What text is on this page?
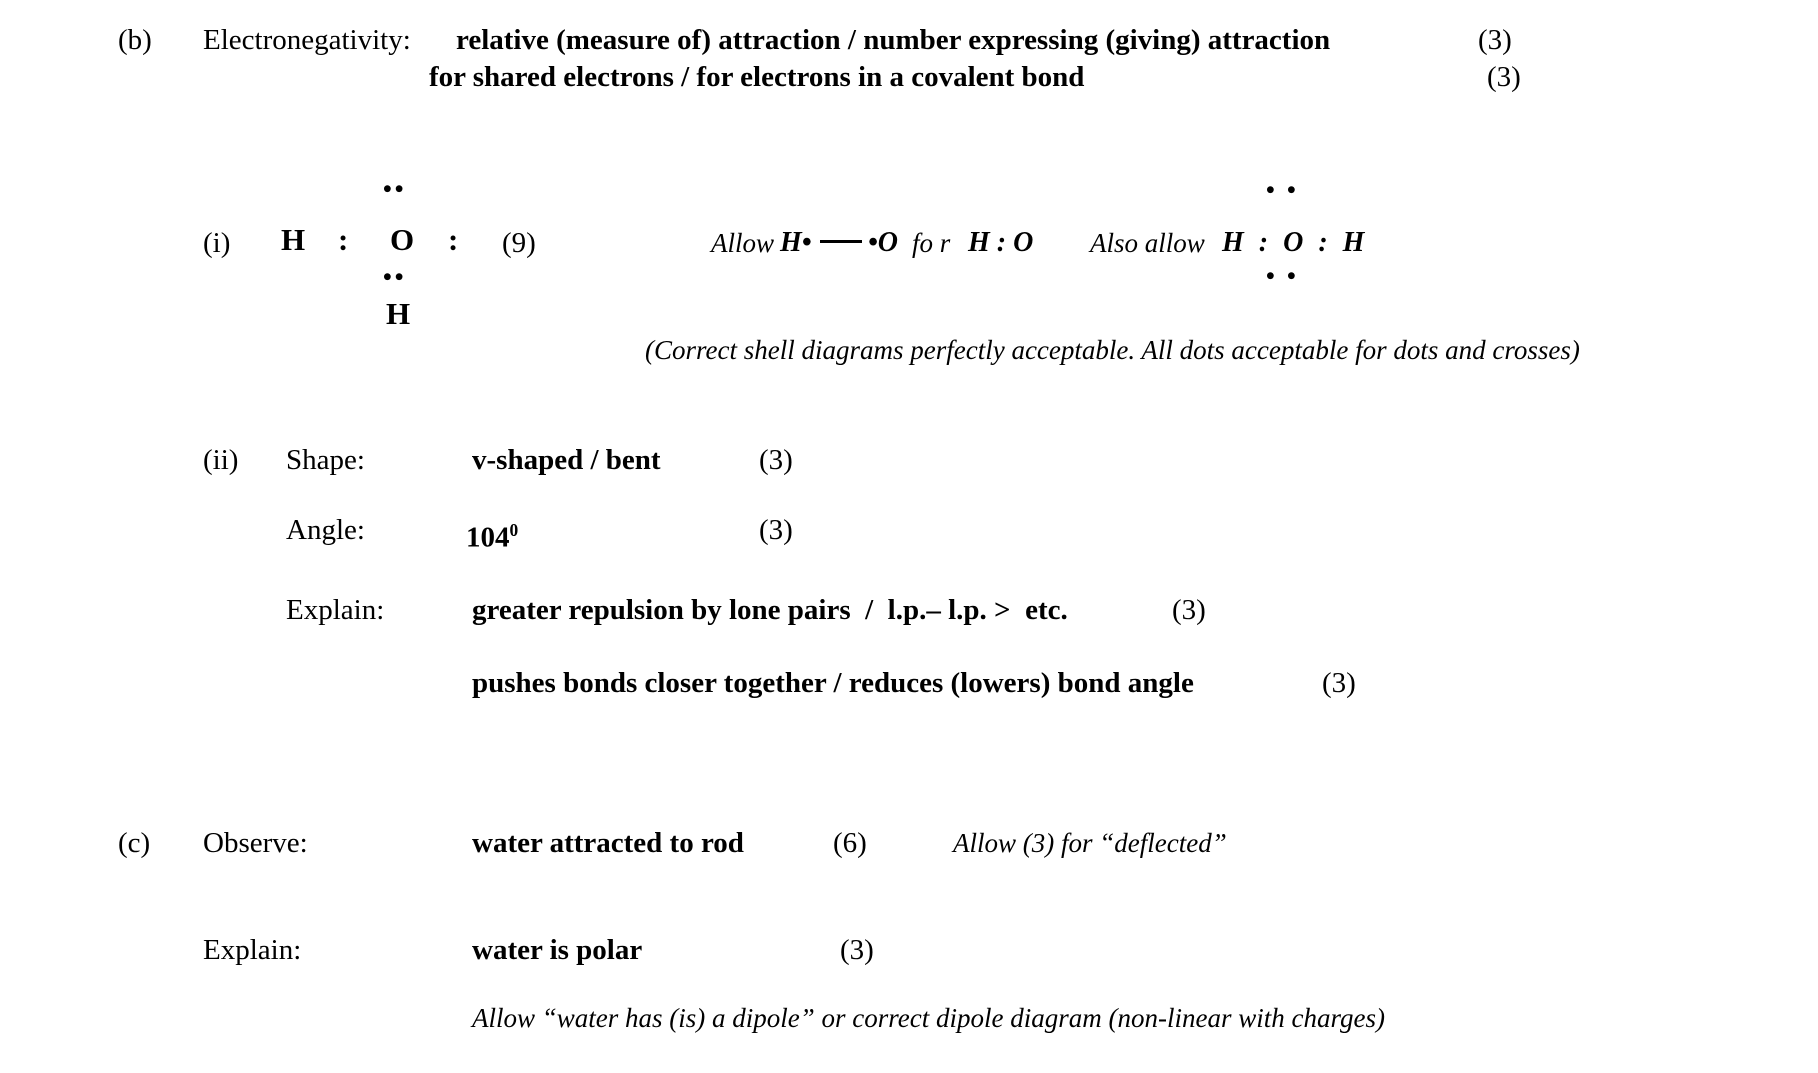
(b) Electronegativity: relative (measure of) attraction / number expressing (giving) attraction	(3)
for shared electrons / for electrons in a covalent bond	(3)
••
(i) H : O : (9)
••
H
Allow H• •O fo r H : O Also allow
• •
H : O : H
• •
(Correct shell diagrams perfectly acceptable. All dots acceptable for dots and crosses)
(ii) Shape:	v-shaped / bent	(3)
Angle:	$104^0$	(3)
Explain:	greater repulsion by lone pairs  /  l.p.– l.p. >  etc.	(3)
pushes bonds closer together / reduces (lowers) bond angle	(3)
(c) Observe:	water attracted to rod	(6)	Allow (3) for “deflected”
Explain:	water is polar	(3)
Allow “water has (is) a dipole” or correct dipole diagram (non-linear with charges)
